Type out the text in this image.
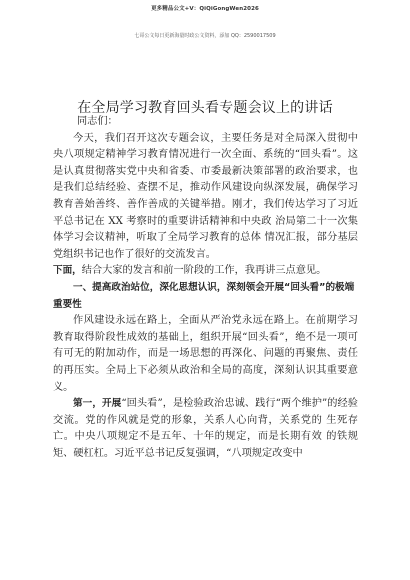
更多精品公文+V：QiQiGongWen2026
七哥公文每日更新海量时政公文资料，添加 QQ：2590017509
在全局学习教育回头看专题会议上的讲话

同志们：

今天，我们召开这次专题会议，主要任务是对全局深入贯彻中央八项规定精神学习教育情况进行一次全面、系统的“回头看”。这是认真贯彻落实党中央和省委、市委最新决策部署的政治要求，也是我们总结经验、查摆不足，推动作风建设向纵深发展，确保学习教育善始善终、善作善成的关键举措。刚才，我们传达学习了习近平总书记在 XX 考察时的重要讲话精神和中央政 治局第二十一次集体学习会议精神，听取了全局学习教育的总体 情况汇报，部分基层党组织书记也作了很好的交流发言。

下面，结合大家的发言和前一阶段的工作，我再讲三点意见。

一、提高政治站位，深化思想认识，深刻领会开展“回头看”的极端重要性

作风建设永远在路上，全面从严治党永远在路上。在前期学习教育取得阶段性成效的基础上，组织开展“回头看”，绝不是一项可有可无的附加动作，而是一场思想的再深化、问题的再聚焦、责任的再压实。全局上下必须从政治和全局的高度，深刻认识其重要意义。

第一，开展“回头看”，是检验政治忠诚、践行“两个维护”的经验交流。党的作风就是党的形象，关系人心向背，关系党的 生死存亡。中央八项规定不是五年、十年的规定，而是长期有效 的铁规矩、硬杠杠。习近平总书记反复强调，“八项规定改变中
